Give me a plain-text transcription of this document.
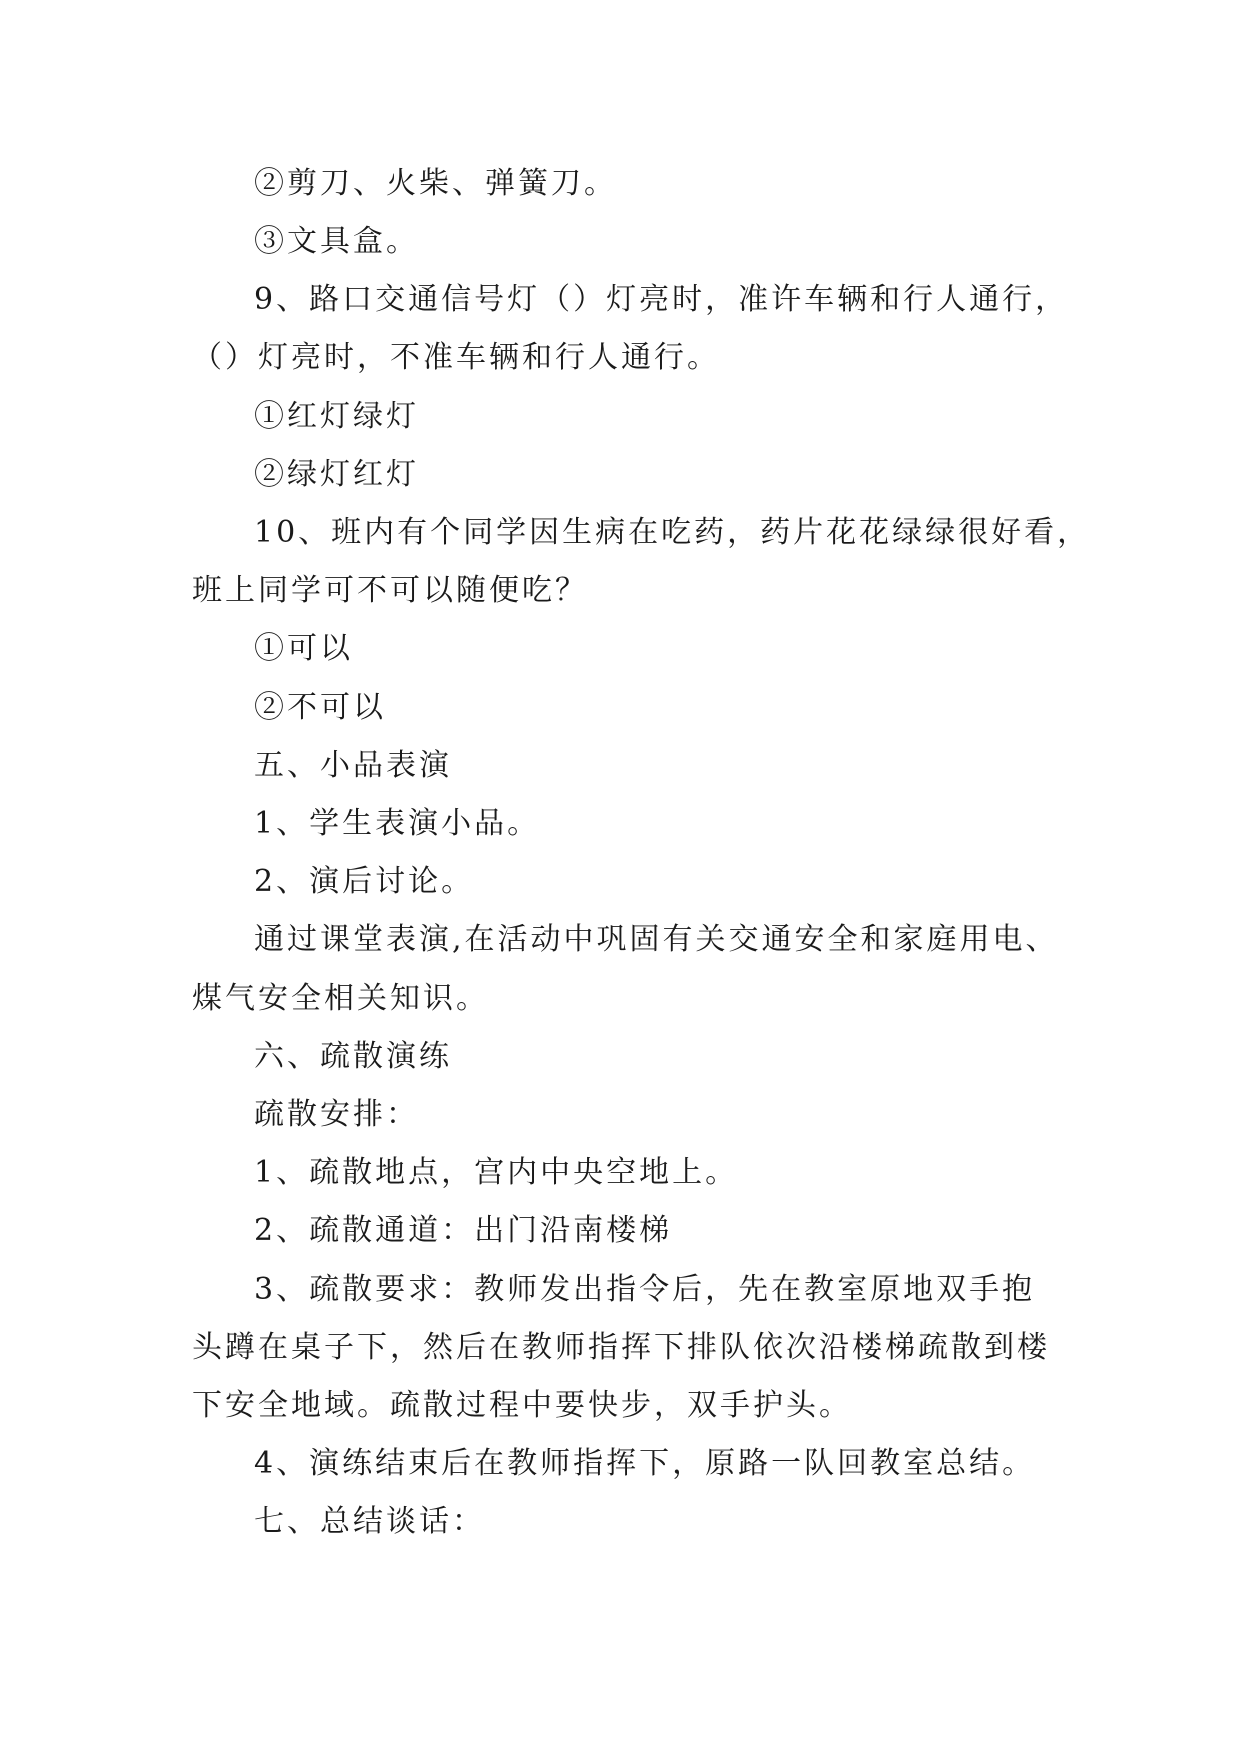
②剪刀、火柴、弹簧刀。
③文具盒。
9、路口交通信号灯（）灯亮时，准许车辆和行人通行，
（）灯亮时，不准车辆和行人通行。
①红灯绿灯
②绿灯红灯
10、班内有个同学因生病在吃药，药片花花绿绿很好看，
班上同学可不可以随便吃？
①可以
②不可以
五、小品表演
1、学生表演小品。
2、演后讨论。
通过课堂表演,在活动中巩固有关交通安全和家庭用电、
煤气安全相关知识。
六、疏散演练
疏散安排：
1、疏散地点，宫内中央空地上。
2、疏散通道：出门沿南楼梯
3、疏散要求：教师发出指令后，先在教室原地双手抱
头蹲在桌子下，然后在教师指挥下排队依次沿楼梯疏散到楼
下安全地域。疏散过程中要快步，双手护头。
4、演练结束后在教师指挥下，原路一队回教室总结。
七、总结谈话：
